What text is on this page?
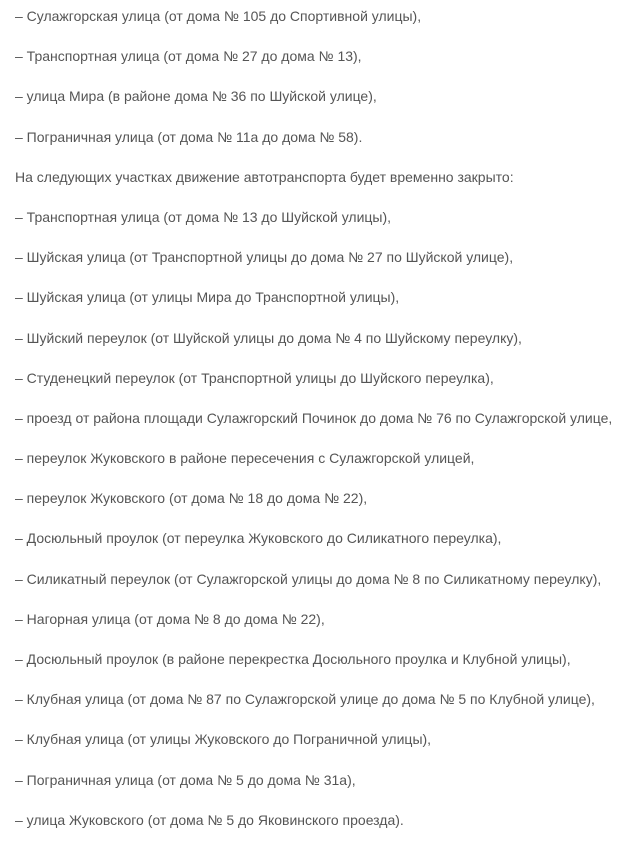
– Сулажгорская улица (от дома № 105 до Спортивной улицы),

– Транспортная улица (от дома № 27 до дома № 13),

– улица Мира (в районе дома № 36 по Шуйской улице),

– Пограничная улица (от дома № 11а до дома № 58).

На следующих участках движение автотранспорта будет временно закрыто:

– Транспортная улица (от дома № 13 до Шуйской улицы),

– Шуйская улица (от Транспортной улицы до дома № 27 по Шуйской улице),

– Шуйская улица (от улицы Мира до Транспортной улицы),

– Шуйский переулок (от Шуйской улицы до дома № 4 по Шуйскому переулку),

– Студенецкий переулок (от Транспортной улицы до Шуйского переулка),

– проезд от района площади Сулажгорский Починок до дома № 76 по Сулажгорской улице,

– переулок Жуковского в районе пересечения с Сулажгорской улицей,

– переулок Жуковского (от дома № 18 до дома № 22),

– Досюльный проулок (от переулка Жуковского до Силикатного переулка),

– Силикатный переулок (от Сулажгорской улицы до дома № 8 по Силикатному переулку),

– Нагорная улица (от дома № 8 до дома № 22),

– Досюльный проулок (в районе перекрестка Досюльного проулка и Клубной улицы),

– Клубная улица (от дома № 87 по Сулажгорской улице до дома № 5 по Клубной улице),

– Клубная улица (от улицы Жуковского до Пограничной улицы),

– Пограничная улица (от дома № 5 до дома № 31а),

– улица Жуковского (от дома № 5 до Яковинского проезда).
